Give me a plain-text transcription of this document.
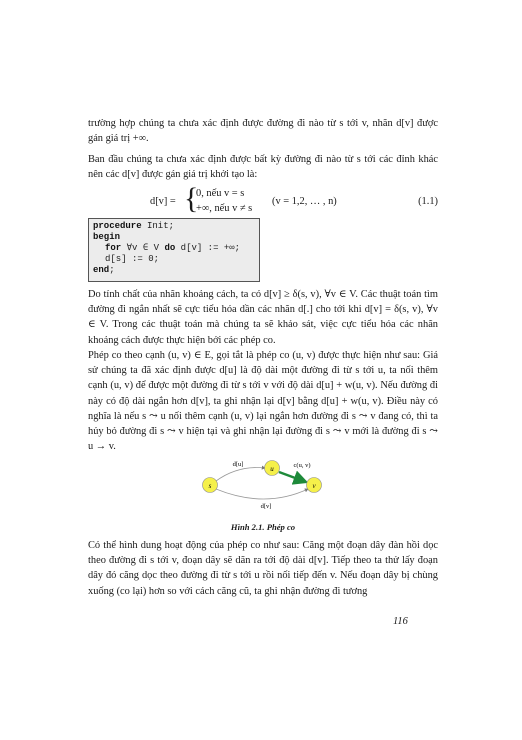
trường hợp chúng ta chưa xác định được đường đi nào từ s tới v, nhãn d[v] được gán giá trị +∞.

Ban đầu chúng ta chưa xác định được bất kỳ đường đi nào từ s tới các đỉnh khác nên các d[v] được gán giá trị khởi tạo là:

d[v] = {
0, nếu v = s
+∞, nếu v ≠ s
(v = 1,2, … , n)	(1.1)
procedure Init;
begin
for ∀v ∈ V do d[v] := +∞;
d[s] := 0;
end;

Do tính chất của nhãn khoảng cách, ta có d[v] ≥ δ(s, v), ∀v ∈ V. Các thuật toán tìm đường đi ngắn nhất sẽ cực tiểu hóa dần các nhãn d[.] cho tới khi d[v] = δ(s, v), ∀v ∈ V. Trong các thuật toán mà chúng ta sẽ khảo sát, việc cực tiểu hóa các nhãn khoảng cách được thực hiện bởi các phép co.

Phép co theo cạnh (u, v) ∈ E, gọi tắt là phép co (u, v) được thực hiện như sau: Giả sử chúng ta đã xác định được d[u] là độ dài một đường đi từ s tới u, ta nối thêm cạnh (u, v) để được một đường đi từ s tới v với độ dài d[u] + w(u, v). Nếu đường đi này có độ dài ngắn hơn d[v], ta ghi nhận lại d[v] bằng d[u] + w(u, v). Điều này có nghĩa là nếu s ⤳ u nối thêm cạnh (u, v) lại ngắn hơn đường đi s ⤳ v đang có, thì ta hủy bỏ đường đi s ⤳ v hiện tại và ghi nhận lại đường đi s ⤳ v mới là đường đi s ⤳ u → v.

s
u
v
d[u]	c(u, v)
d[v]
Hình 2.1. Phép co

Có thể hình dung hoạt động của phép co như sau: Căng một đoạn dây đàn hồi dọc theo đường đi s tới v, đoạn dây sẽ dãn ra tới độ dài d[v]. Tiếp theo ta thử lấy đoạn dây đó căng dọc theo đường đi từ s tới u rồi nối tiếp đến v. Nếu đoạn dây bị chùng xuống (co lại) hơn so với cách căng cũ, ta ghi nhận đường đi tương

116
